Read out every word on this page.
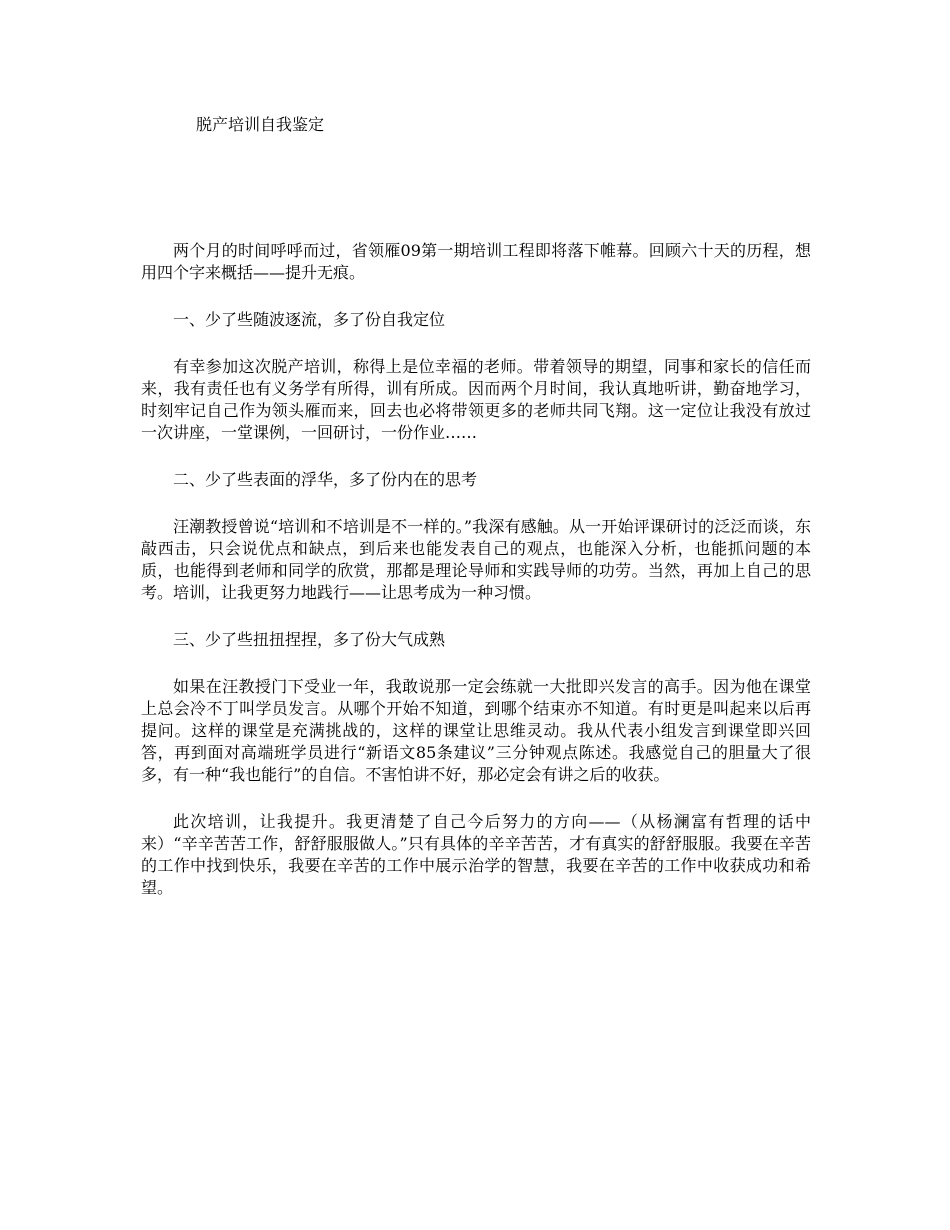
脱产培训自我鉴定

两个月的时间呼呼而过，省领雁09第一期培训工程即将落下帷幕。回顾六十天的历程，想用四个字来概括——提升无痕。

一、少了些随波逐流，多了份自我定位

有幸参加这次脱产培训，称得上是位幸福的老师。带着领导的期望，同事和家长的信任而来，我有责任也有义务学有所得，训有所成。因而两个月时间，我认真地听讲，勤奋地学习，时刻牢记自己作为领头雁而来，回去也必将带领更多的老师共同飞翔。这一定位让我没有放过一次讲座，一堂课例，一回研讨，一份作业……

二、少了些表面的浮华，多了份内在的思考

汪潮教授曾说“培训和不培训是不一样的。”我深有感触。从一开始评课研讨的泛泛而谈，东敲西击，只会说优点和缺点，到后来也能发表自己的观点，也能深入分析，也能抓问题的本质，也能得到老师和同学的欣赏，那都是理论导师和实践导师的功劳。当然，再加上自己的思考。培训，让我更努力地践行——让思考成为一种习惯。

三、少了些扭扭捏捏，多了份大气成熟

如果在汪教授门下受业一年，我敢说那一定会练就一大批即兴发言的高手。因为他在课堂上总会冷不丁叫学员发言。从哪个开始不知道，到哪个结束亦不知道。有时更是叫起来以后再提问。这样的课堂是充满挑战的，这样的课堂让思维灵动。我从代表小组发言到课堂即兴回答，再到面对高端班学员进行“新语文85条建议”三分钟观点陈述。我感觉自己的胆量大了很多，有一种“我也能行”的自信。不害怕讲不好，那必定会有讲之后的收获。

此次培训，让我提升。我更清楚了自己今后努力的方向——（从杨澜富有哲理的话中来）“辛辛苦苦工作，舒舒服服做人。”只有具体的辛辛苦苦，才有真实的舒舒服服。我要在辛苦的工作中找到快乐，我要在辛苦的工作中展示治学的智慧，我要在辛苦的工作中收获成功和希望。
